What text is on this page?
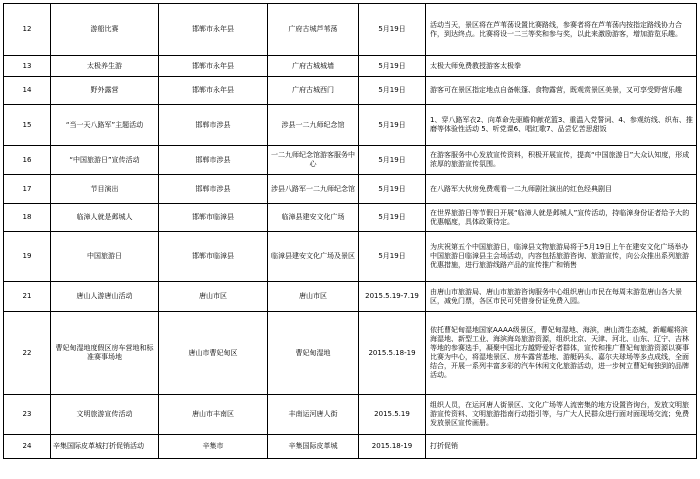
12	游船比赛	邯郸市永年县	广府古城芦苇荡	5月19日	活动当天，景区将在芦苇荡设置比赛路线，参赛者将在芦苇荡内按指定路线协力合作，到达终点。比赛将设一二三等奖和参与奖，以此来激励游客，增加游览乐趣。
13	太极养生游	邯郸市永年县	广府古城城墙	5月19日	太极大师免费教授游客太极拳
14	野外露营	邯郸市永年县	广府古城西门	5月19日	游客可在景区指定地点自备帐篷、食物露营，既观赏景区美景，又可享受野营乐趣
15	“当一天八路军”主题活动	邯郸市涉县	涉县一二九师纪念馆	5月19日	1、穿八路军衣2、向革命先驱瞻仰献花篮3、重温入党誓词、4、参观纺线、织布、推磨等体验性活动 5、听党课6、唱红歌7、品尝忆苦思甜饭
16	“中国旅游日”宣传活动	邯郸市涉县	一二九师纪念馆游客服务中心	5月19日	在游客服务中心发放宣传资料，积极开展宣传，提高“中国旅游日”大众认知度，形成浓厚的旅游宣传氛围。
17	节目演出	邯郸市涉县	涉县八路军一二九师纪念馆	5月19日	在八路军大伙房免费观看一二九师剧社演出的红色经典剧目
18	临漳人就是邺城人	邯郸市临漳县	临漳县建安文化广场	5月19日	在世界旅游日等节假日开展“临漳人就是邺城人”宣传活动，持临漳身份证者给予大的优惠幅度，具体政策待定。
19	中国旅游日	邯郸市临漳县	临漳县建安文化广场及景区	5月19日	为庆祝第五个中国旅游日，临漳县文物旅游局将于5月19日上午在建安文化广场举办中国旅游日临漳县主会场活动，内容包括旅游咨询、旅游宣传，向公众推出系列旅游优惠措施，进行旅游线路产品的宣传推广和销售
21	唐山人游唐山活动	唐山市区	唐山市区	2015.5.19-7.19	由唐山市旅游局、唐山市旅游咨询服务中心组织唐山市民在每周末游览唐山各大景区，减免门票，各区市民可凭借身份证免费入园。
22	曹妃甸湿地度假区房车营地和标准赛事场地	唐山市曹妃甸区	曹妃甸湿地	2015.5.18-19	依托曹妃甸湿地国家AAAA级景区，曹妃甸湿地、海滨，唐山湾生态城，新崛崛将滨海湿地、新型工业、海滨海岛旅游资源，组织北京、天津、河北、山东、辽宁、吉林等地的参赛选手，凝聚中国北方越野爱好者群体，宣传和推广曹妃甸旅游资源以赛事比赛为中心，将湿地景区、房车露营基地、游艇码头、嘉尔夫球场等多点成线，全面结合，开展一系列丰富多彩的汽车休闲文化旅游活动，进一步树立曹妃甸独到的品牌活动。
23	文明旅游宣传活动	唐山市丰南区	丰南运河唐人街	2015.5.19	组织人员，在运河唐人街景区、文化广场等人流密集的地方设置咨询台，发放文明旅游宣传资料、文明旅游指南行动指引等，与广大人民群众进行面对面现场交流；免费发放景区宣传画册。
24	辛集国际皮革城打折促销活动	辛集市	辛集国际皮革城	2015.18-19	打折促销
